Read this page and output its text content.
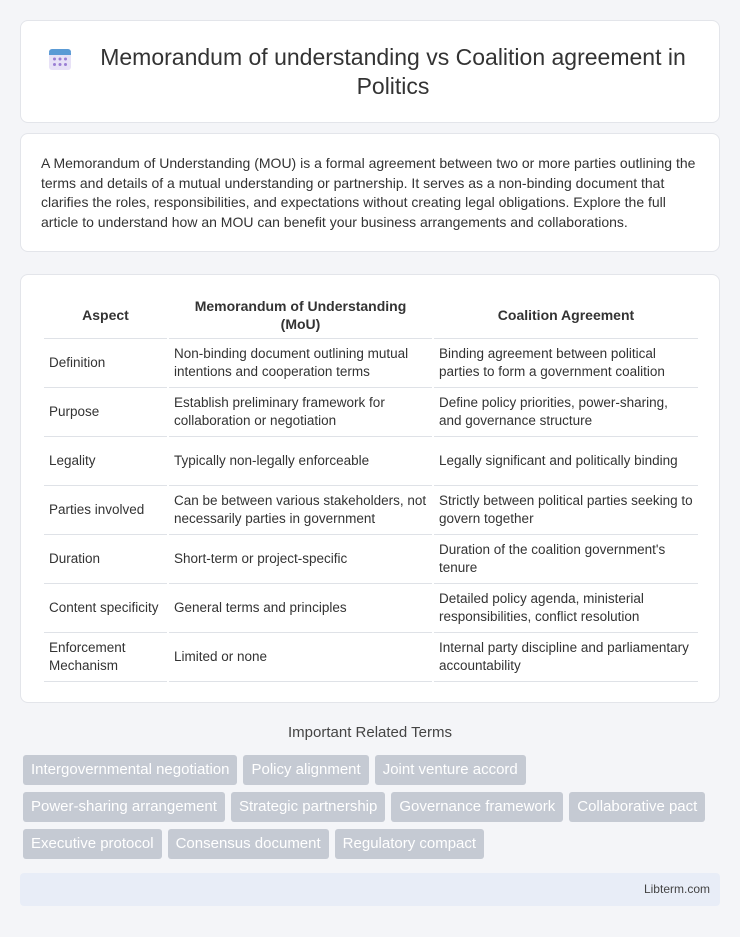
Memorandum of understanding vs Coalition agreement in Politics

A Memorandum of Understanding (MOU) is a formal agreement between two or more parties outlining the terms and details of a mutual understanding or partnership. It serves as a non-binding document that clarifies the roles, responsibilities, and expectations without creating legal obligations. Explore the full article to understand how an MOU can benefit your business arrangements and collaborations.

Aspect	Memorandum of Understanding (MoU)	Coalition Agreement
Definition	Non-binding document outlining mutual intentions and cooperation terms	Binding agreement between political parties to form a government coalition
Purpose	Establish preliminary framework for collaboration or negotiation	Define policy priorities, power-sharing, and governance structure
Legality	Typically non-legally enforceable	Legally significant and politically binding
Parties involved	Can be between various stakeholders, not necessarily parties in government	Strictly between political parties seeking to govern together
Duration	Short-term or project-specific	Duration of the coalition government's tenure
Content specificity	General terms and principles	Detailed policy agenda, ministerial responsibilities, conflict resolution
Enforcement Mechanism	Limited or none	Internal party discipline and parliamentary accountability
Important Related Terms
Intergovernmental negotiation	Policy alignment	Joint venture accord
Power-sharing arrangement	Strategic partnership	Governance framework	Collaborative pact
Executive protocol	Consensus document	Regulatory compact
Libterm.com
